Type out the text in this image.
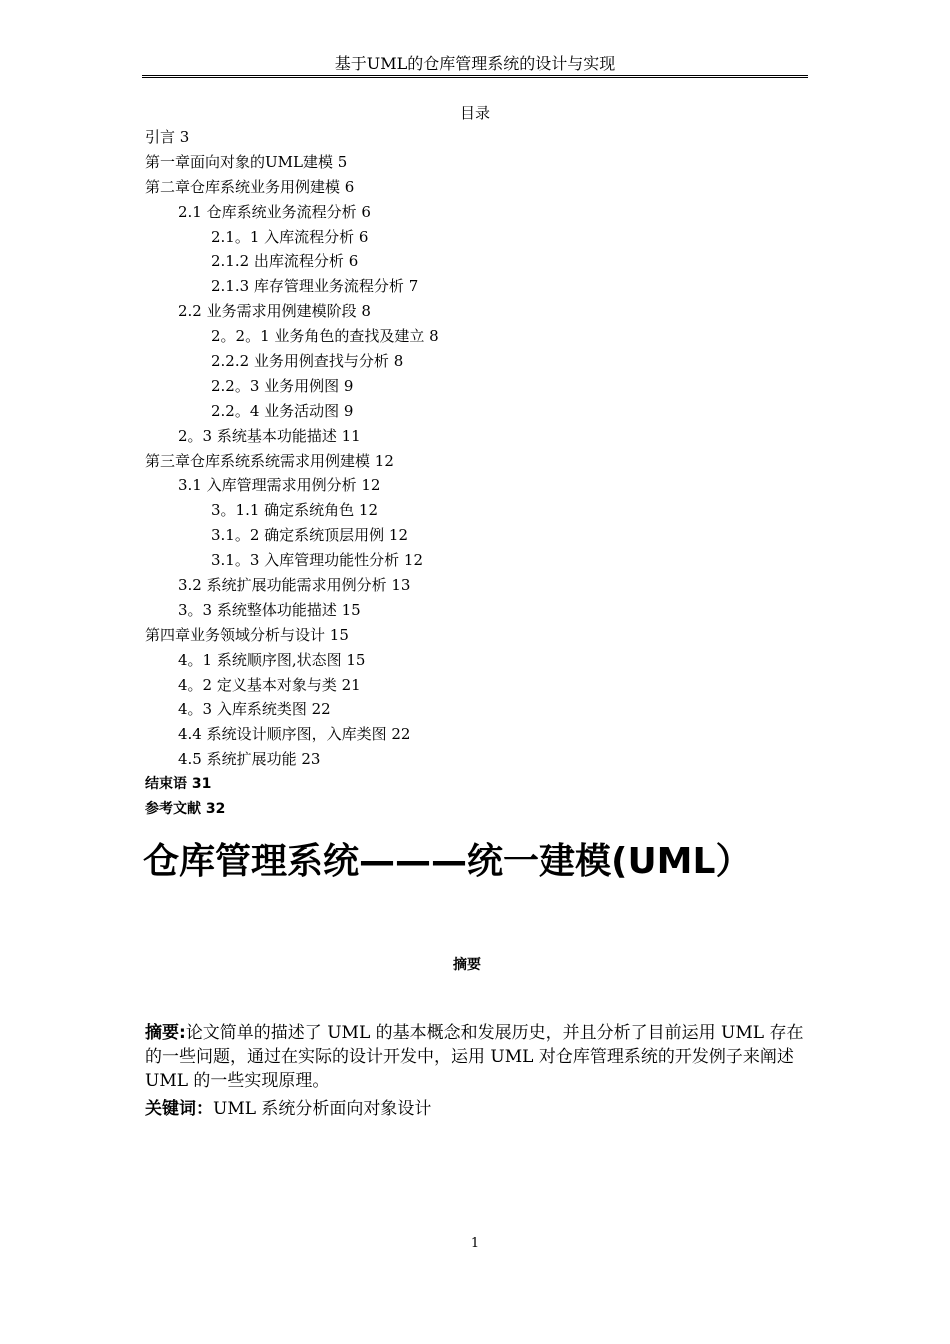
基于UML的仓库管理系统的设计与实现
目录
引言 3
第一章面向对象的UML建模 5
第二章仓库系统业务用例建模 6
2.1 仓库系统业务流程分析 6
2.1。1 入库流程分析 6
2.1.2 出库流程分析 6
2.1.3 库存管理业务流程分析 7
2.2 业务需求用例建模阶段 8
2。2。1 业务角色的查找及建立 8
2.2.2 业务用例查找与分析 8
2.2。3 业务用例图 9
2.2。4 业务活动图 9
2。3 系统基本功能描述 11
第三章仓库系统系统需求用例建模 12
3.1 入库管理需求用例分析 12
3。1.1 确定系统角色 12
3.1。2 确定系统顶层用例 12
3.1。3 入库管理功能性分析 12
3.2 系统扩展功能需求用例分析 13
3。3 系统整体功能描述 15
第四章业务领域分析与设计 15
4。1 系统顺序图,状态图 15
4。2 定义基本对象与类 21
4。3 入库系统类图 22
4.4 系统设计顺序图，入库类图 22
4.5 系统扩展功能 23
结束语 31
参考文献 32
仓库管理系统———统一建模(UML）
摘要
摘要:论文简单的描述了 UML 的基本概念和发展历史，并且分析了目前运用 UML 存在的一些问题，通过在实际的设计开发中，运用 UML 对仓库管理系统的开发例子来阐述 UML 的一些实现原理。
关键词：UML 系统分析面向对象设计
1
